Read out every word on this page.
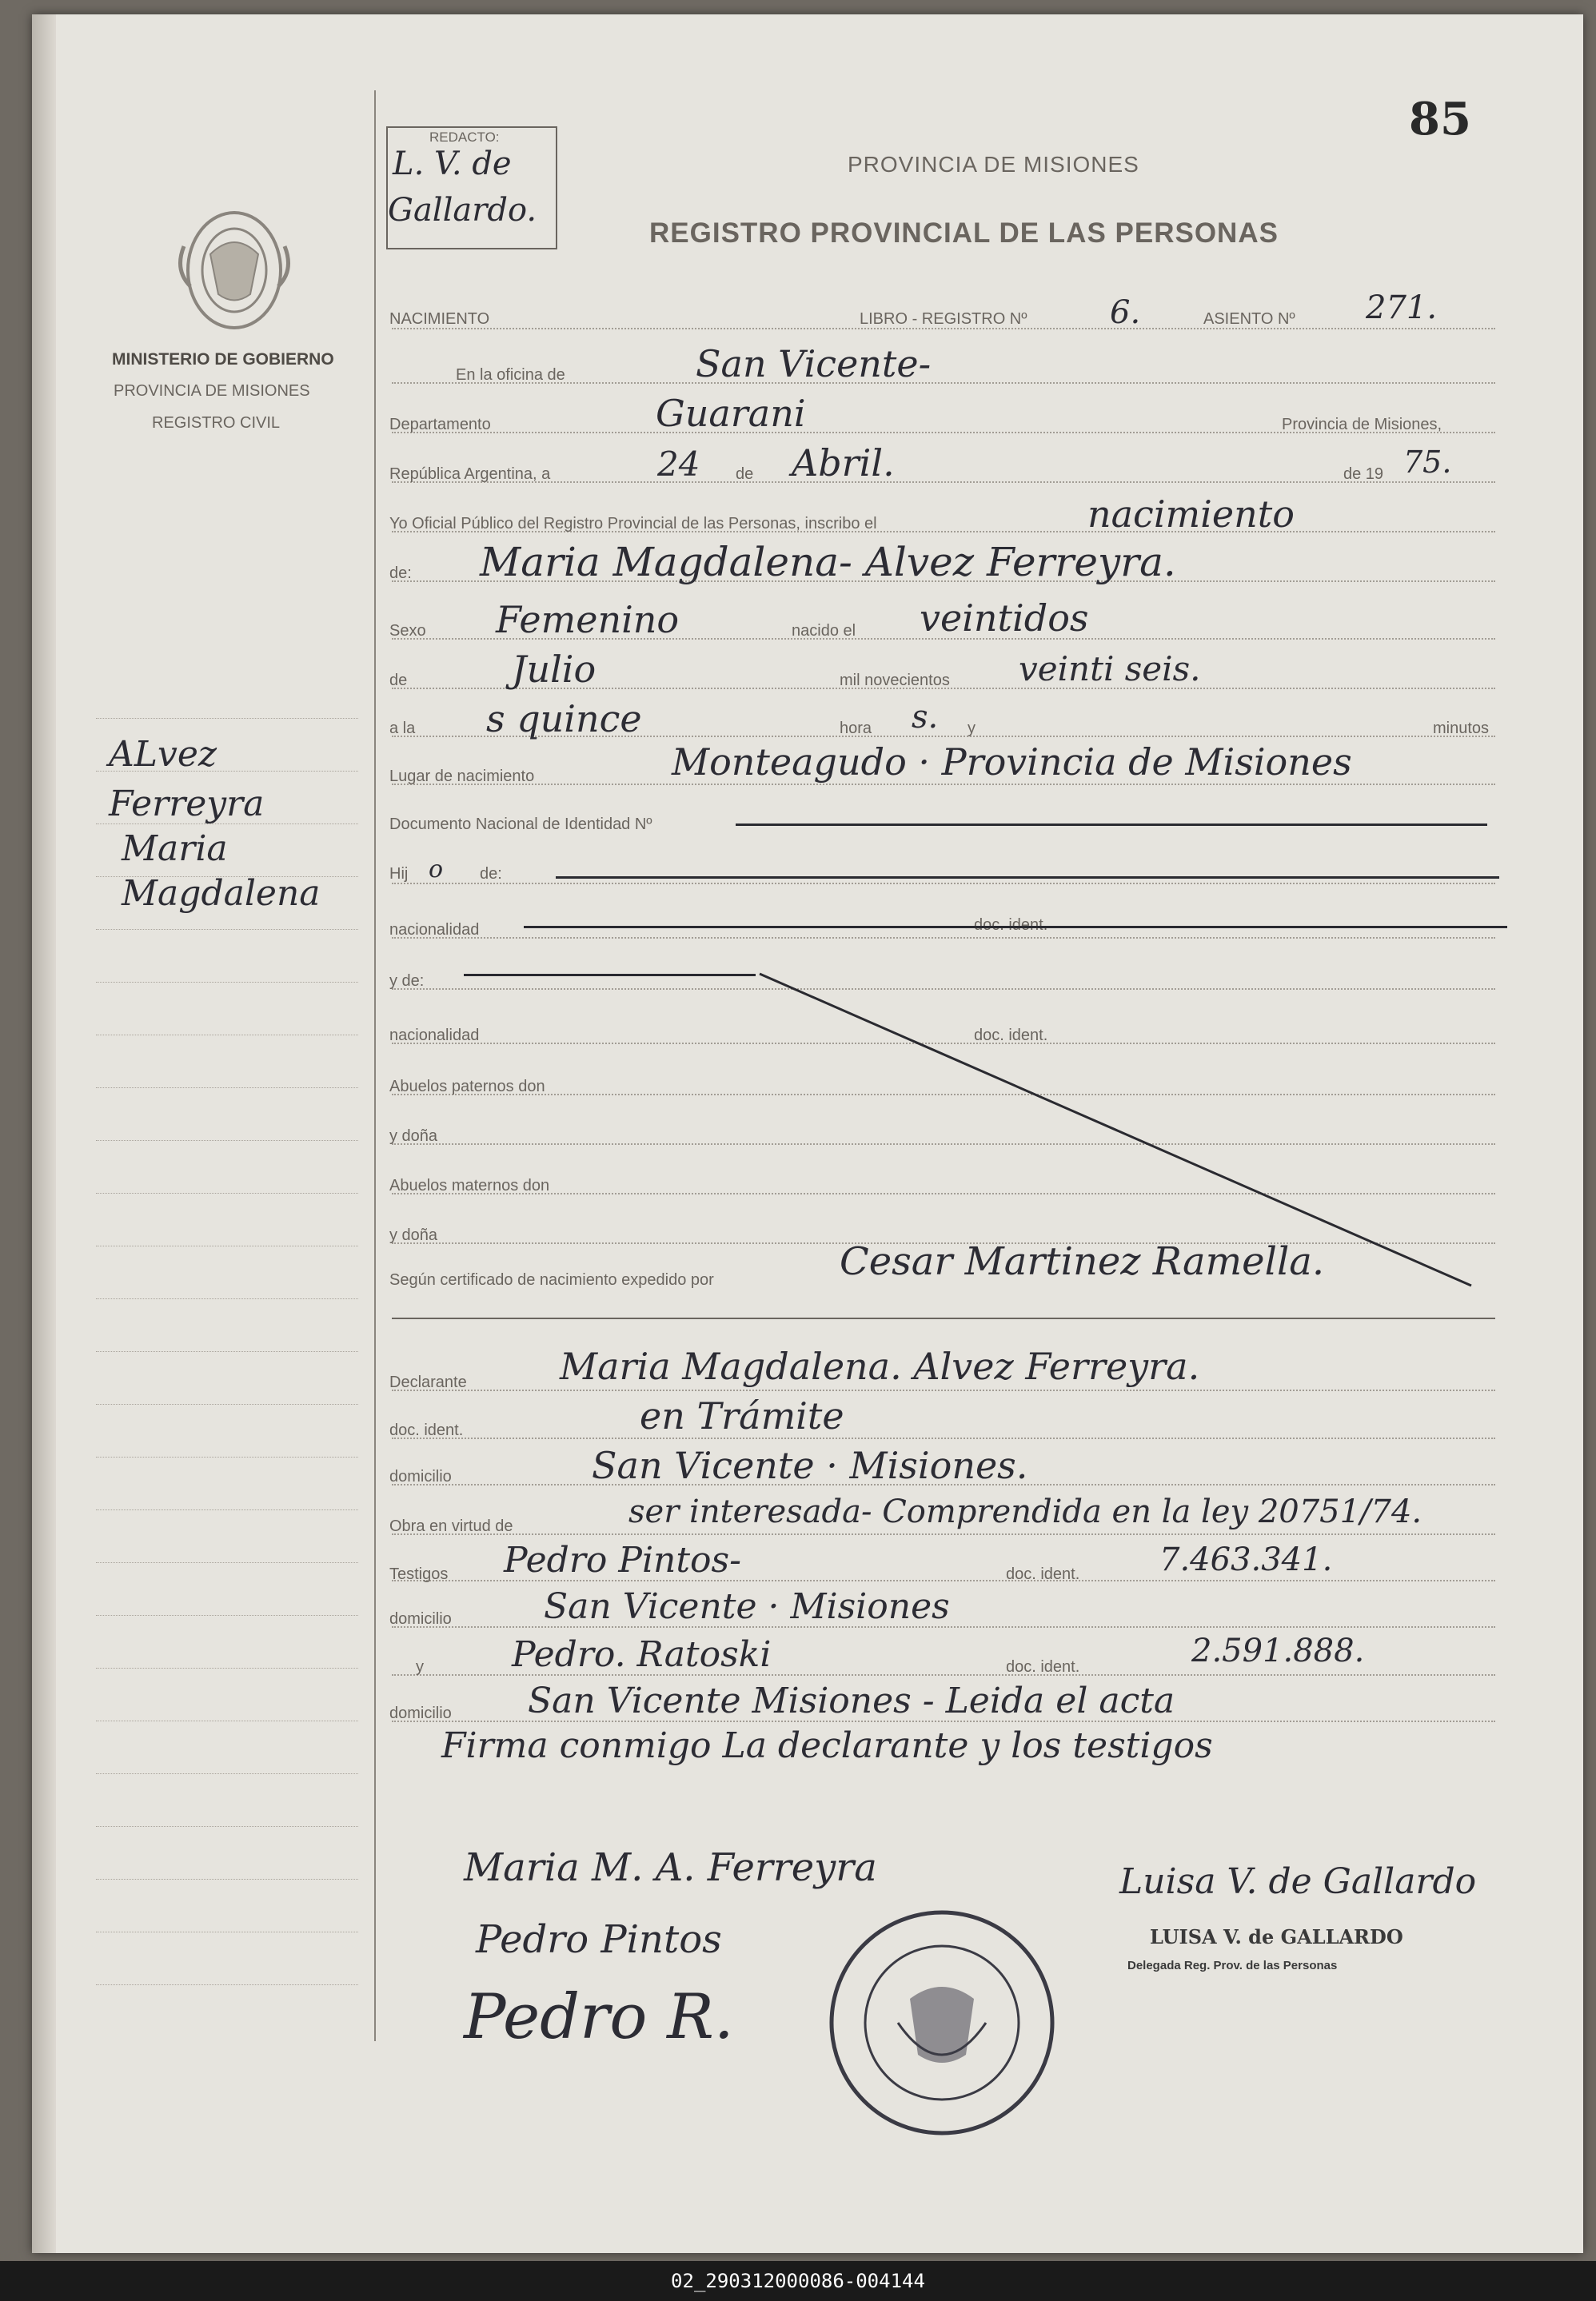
85
REDACTO:
L. V. de
Gallardo.
PROVINCIA DE MISIONES
REGISTRO PROVINCIAL DE LAS PERSONAS
MINISTERIO DE GOBIERNO
PROVINCIA DE MISIONES
REGISTRO CIVIL
ALvez
Ferreyra
Maria
Magdalena
NACIMIENTO	LIBRO - REGISTRO Nº	6.	ASIENTO Nº 271.
En la oficina de	San Vicente-
Departamento	Guarani	Provincia de Misiones,
República Argentina, a	24 de Abril.	de 19 75.
Yo Oficial Público del Registro Provincial de las Personas, inscribo el	nacimiento
de: Maria Magdalena- Alvez Ferreyra.
Sexo Femenino	nacido el veintidos
de	Julio	mil novecientos veinti seis.
a la s quince	hora s. y	minutos
Lugar de nacimiento	Monteagudo · Provincia de Misiones
Documento Nacional de Identidad Nº
Hij o de:
nacionalidad	doc. ident.
y de:
nacionalidad	doc. ident.
Abuelos paternos don
y doña
Abuelos maternos don
y doña
Según certificado de nacimiento expedido por	Cesar Martinez Ramella.
Declarante	Maria Magdalena. Alvez Ferreyra.
doc. ident.	en Trámite
domicilio	San Vicente · Misiones.
Obra en virtud de	ser interesada- Comprendida en la ley 20751/74.
Testigos Pedro Pintos-	doc. ident. 7.463.341.
domicilio	San Vicente · Misiones
y	Pedro. Ratoski	doc. ident.	2.591.888.
domicilio San Vicente Misiones - Leida el acta
Firma conmigo La declarante y los testigos
Maria M. A. Ferreyra
Pedro Pintos
Pedro R.
Luisa V. de Gallardo
LUISA V. de GALLARDO
Delegada Reg. Prov. de las Personas
02_290312000086-004144
